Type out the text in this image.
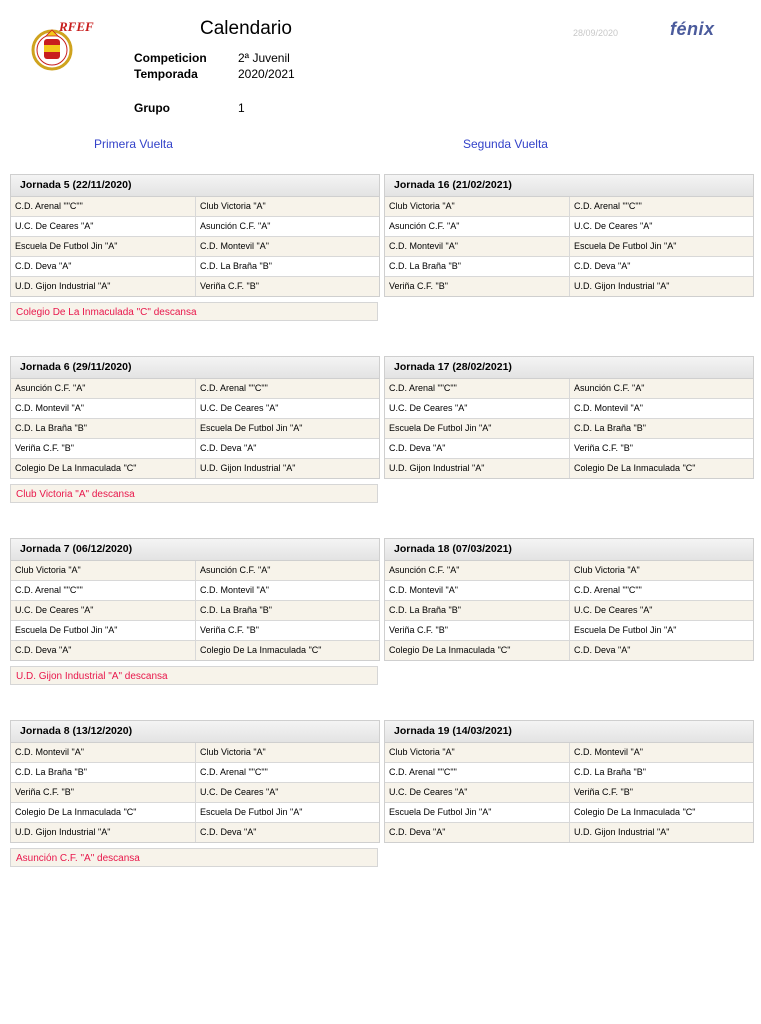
RFEF	Calendario	28/09/2020	fénix
Competicion	2ª Juvenil
Temporada	2020/2021
Grupo	1
Primera Vuelta	Segunda Vuelta
Jornada 5 (22/11/2020)
C.D. Arenal ""C""	Club Victoria "A"
U.C. De Ceares "A"	Asunción C.F. "A"
Escuela De Futbol Jin "A"	C.D. Montevil "A"
C.D. Deva "A"	C.D. La Braña "B"
U.D. Gijon Industrial "A"	Veriña C.F. "B"
Jornada 16 (21/02/2021)
Club Victoria "A"	C.D. Arenal ""C""
Asunción C.F. "A"	U.C. De Ceares "A"
C.D. Montevil "A"	Escuela De Futbol Jin "A"
C.D. La Braña "B"	C.D. Deva "A"
Veriña C.F. "B"	U.D. Gijon Industrial "A"
Colegio De La Inmaculada "C" descansa
Jornada 6 (29/11/2020)
Asunción C.F. "A"	C.D. Arenal ""C""
C.D. Montevil "A"	U.C. De Ceares "A"
C.D. La Braña "B"	Escuela De Futbol Jin "A"
Veriña C.F. "B"	C.D. Deva "A"
Colegio De La Inmaculada "C"	U.D. Gijon Industrial "A"
Jornada 17 (28/02/2021)
C.D. Arenal ""C""	Asunción C.F. "A"
U.C. De Ceares "A"	C.D. Montevil "A"
Escuela De Futbol Jin "A"	C.D. La Braña "B"
C.D. Deva "A"	Veriña C.F. "B"
U.D. Gijon Industrial "A"	Colegio De La Inmaculada "C"
Club Victoria "A" descansa
Jornada 7 (06/12/2020)
Club Victoria "A"	Asunción C.F. "A"
C.D. Arenal ""C""	C.D. Montevil "A"
U.C. De Ceares "A"	C.D. La Braña "B"
Escuela De Futbol Jin "A"	Veriña C.F. "B"
C.D. Deva "A"	Colegio De La Inmaculada "C"
Jornada 18 (07/03/2021)
Asunción C.F. "A"	Club Victoria "A"
C.D. Montevil "A"	C.D. Arenal ""C""
C.D. La Braña "B"	U.C. De Ceares "A"
Veriña C.F. "B"	Escuela De Futbol Jin "A"
Colegio De La Inmaculada "C"	C.D. Deva "A"
U.D. Gijon Industrial "A" descansa
Jornada 8 (13/12/2020)
C.D. Montevil "A"	Club Victoria "A"
C.D. La Braña "B"	C.D. Arenal ""C""
Veriña C.F. "B"	U.C. De Ceares "A"
Colegio De La Inmaculada "C"	Escuela De Futbol Jin "A"
U.D. Gijon Industrial "A"	C.D. Deva "A"
Jornada 19 (14/03/2021)
Club Victoria "A"	C.D. Montevil "A"
C.D. Arenal ""C""	C.D. La Braña "B"
U.C. De Ceares "A"	Veriña C.F. "B"
Escuela De Futbol Jin "A"	Colegio De La Inmaculada "C"
C.D. Deva "A"	U.D. Gijon Industrial "A"
Asunción C.F. "A" descansa
